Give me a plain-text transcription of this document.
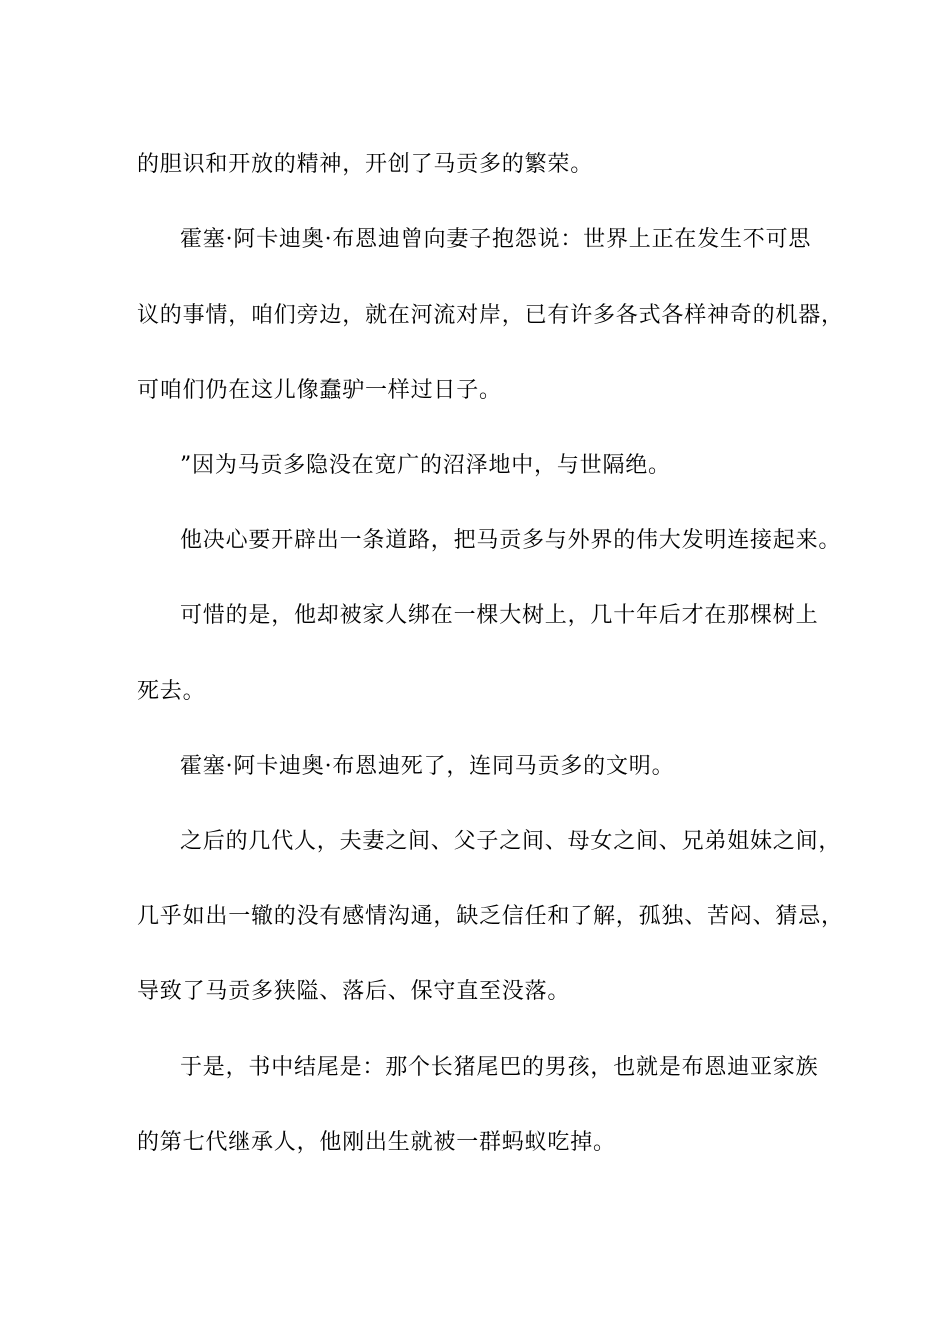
的胆识和开放的精神，开创了马贡多的繁荣。
霍塞·阿卡迪奥·布恩迪曾向妻子抱怨说：世界上正在发生不可思
议的事情，咱们旁边，就在河流对岸，已有许多各式各样神奇的机器，
可咱们仍在这儿像蠢驴一样过日子。
”因为马贡多隐没在宽广的沼泽地中，与世隔绝。
他决心要开辟出一条道路，把马贡多与外界的伟大发明连接起来。
可惜的是，他却被家人绑在一棵大树上，几十年后才在那棵树上
死去。
霍塞·阿卡迪奥·布恩迪死了，连同马贡多的文明。
之后的几代人，夫妻之间、父子之间、母女之间、兄弟姐妹之间，
几乎如出一辙的没有感情沟通，缺乏信任和了解，孤独、苦闷、猜忌，
导致了马贡多狭隘、落后、保守直至没落。
于是，书中结尾是：那个长猪尾巴的男孩，也就是布恩迪亚家族
的第七代继承人，他刚出生就被一群蚂蚁吃掉。
